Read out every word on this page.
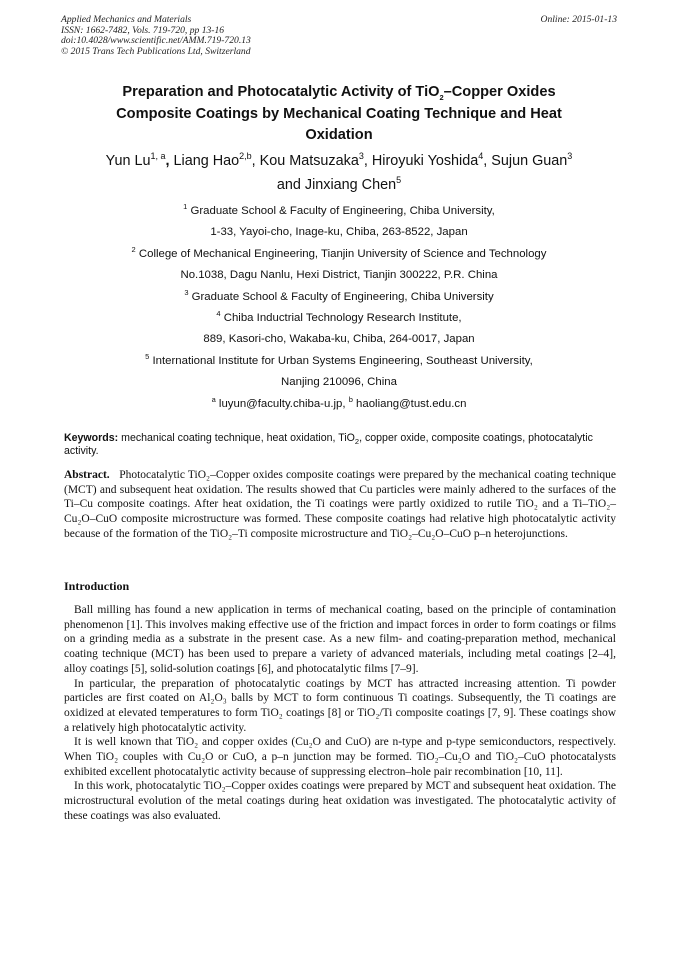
Applied Mechanics and Materials
ISSN: 1662-7482, Vols. 719-720, pp 13-16
doi:10.4028/www.scientific.net/AMM.719-720.13
© 2015 Trans Tech Publications Ltd, Switzerland
Online: 2015-01-13
Preparation and Photocatalytic Activity of TiO$_2$–Copper Oxides
Composite Coatings by Mechanical Coating Technique and Heat
Oxidation
Yun Lu$^{1, a}$, Liang Hao$^{2,b}$, Kou Matsuzaka$^3$, Hiroyuki Yoshida$^4$, Sujun Guan$^3$
and Jinxiang Chen$^5$
$^1$ Graduate School & Faculty of Engineering, Chiba University,
1-33, Yayoi-cho, Inage-ku, Chiba, 263-8522, Japan
$^2$ College of Mechanical Engineering, Tianjin University of Science and Technology
No.1038, Dagu Nanlu, Hexi District, Tianjin 300222, P.R. China
$^3$ Graduate School & Faculty of Engineering, Chiba University
$^4$ Chiba Inductrial Technology Research Institute,
889, Kasori-cho, Wakaba-ku, Chiba, 264-0017, Japan
$^5$ International Institute for Urban Systems Engineering, Southeast University,
Nanjing 210096, China
$^a$ luyun@faculty.chiba-u.jp, $^b$ haoliang@tust.edu.cn
Keywords: mechanical coating technique, heat oxidation, TiO$_2$, copper oxide, composite coatings, photocatalytic activity.
Abstract. Photocatalytic TiO₂–Copper oxides composite coatings were prepared by the mechanical coating technique (MCT) and subsequent heat oxidation. The results showed that Cu particles were mainly adhered to the surfaces of the Ti–Cu composite coatings. After heat oxidation, the Ti coatings were partly oxidized to rutile TiO₂ and a Ti–TiO₂–Cu₂O–CuO composite microstructure was formed. These composite coatings had relative high photocatalytic activity because of the formation of the TiO₂–Ti composite microstructure and TiO₂–Cu₂O–CuO p–n heterojunctions.
Introduction

Ball milling has found a new application in terms of mechanical coating, based on the principle of contamination phenomenon [1]. This involves making effective use of the friction and impact forces in order to form coatings or films on a grinding media as a substrate in the present case. As a new film- and coating-preparation method, mechanical coating technique (MCT) has been used to prepare a variety of advanced materials, including metal coatings [2–4], alloy coatings [5], solid-solution coatings [6], and photocatalytic films [7–9].

In particular, the preparation of photocatalytic coatings by MCT has attracted increasing attention. Ti powder particles are first coated on Al₂O₃ balls by MCT to form continuous Ti coatings. Subsequently, the Ti coatings are oxidized at elevated temperatures to form TiO₂ coatings [8] or TiO₂/Ti composite coatings [7, 9]. These coatings show a relatively high photocatalytic activity.

It is well known that TiO₂ and copper oxides (Cu₂O and CuO) are n-type and p-type semiconductors, respectively. When TiO₂ couples with Cu₂O or CuO, a p–n junction may be formed. TiO₂–Cu₂O and TiO₂–CuO photocatalysts exhibited excellent photocatalytic activity because of suppressing electron–hole pair recombination [10, 11].

In this work, photocatalytic TiO₂–Copper oxides coatings were prepared by MCT and subsequent heat oxidation. The microstructural evolution of the metal coatings during heat oxidation was investigated. The photocatalytic activity of these coatings was also evaluated.
